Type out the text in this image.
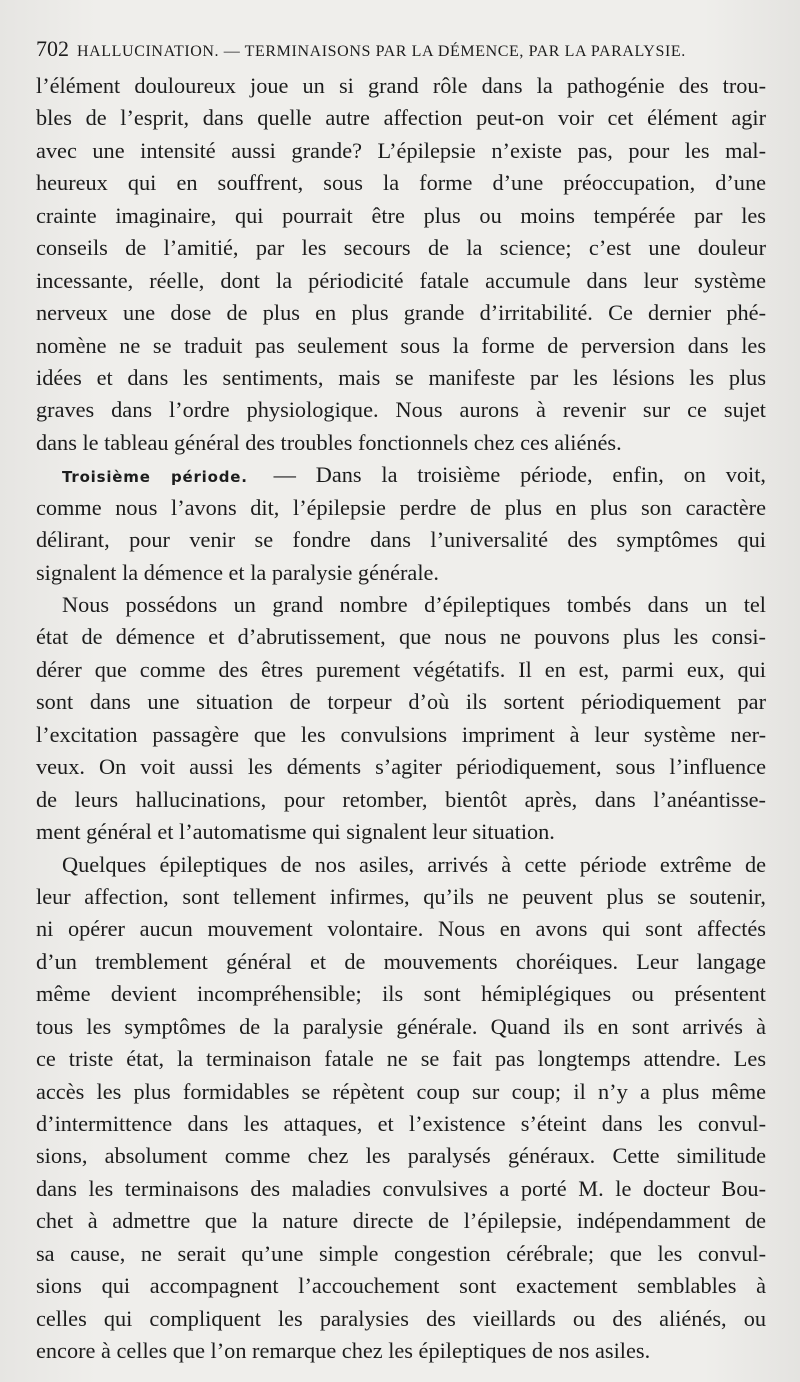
702 HALLUCINATION. — TERMINAISONS PAR LA DÉMENCE, PAR LA PARALYSIE.
l’élément douloureux joue un si grand rôle dans la pathogénie des trou-
bles de l’esprit, dans quelle autre affection peut-on voir cet élément agir
avec une intensité aussi grande? L’épilepsie n’existe pas, pour les mal-
heureux qui en souffrent, sous la forme d’une préoccupation, d’une
crainte imaginaire, qui pourrait être plus ou moins tempérée par les
conseils de l’amitié, par les secours de la science; c’est une douleur
incessante, réelle, dont la périodicité fatale accumule dans leur système
nerveux une dose de plus en plus grande d’irritabilité. Ce dernier phé-
nomène ne se traduit pas seulement sous la forme de perversion dans les
idées et dans les sentiments, mais se manifeste par les lésions les plus
graves dans l’ordre physiologique. Nous aurons à revenir sur ce sujet
dans le tableau général des troubles fonctionnels chez ces aliénés.
Troisième période. — Dans la troisième période, enfin, on voit,
comme nous l’avons dit, l’épilepsie perdre de plus en plus son caractère
délirant, pour venir se fondre dans l’universalité des symptômes qui
signalent la démence et la paralysie générale.
Nous possédons un grand nombre d’épileptiques tombés dans un tel
état de démence et d’abrutissement, que nous ne pouvons plus les consi-
dérer que comme des êtres purement végétatifs. Il en est, parmi eux, qui
sont dans une situation de torpeur d’où ils sortent périodiquement par
l’excitation passagère que les convulsions impriment à leur système ner-
veux. On voit aussi les déments s’agiter périodiquement, sous l’influence
de leurs hallucinations, pour retomber, bientôt après, dans l’anéantisse-
ment général et l’automatisme qui signalent leur situation.
Quelques épileptiques de nos asiles, arrivés à cette période extrême de
leur affection, sont tellement infirmes, qu’ils ne peuvent plus se soutenir,
ni opérer aucun mouvement volontaire. Nous en avons qui sont affectés
d’un tremblement général et de mouvements choréiques. Leur langage
même devient incompréhensible; ils sont hémiplégiques ou présentent
tous les symptômes de la paralysie générale. Quand ils en sont arrivés à
ce triste état, la terminaison fatale ne se fait pas longtemps attendre. Les
accès les plus formidables se répètent coup sur coup; il n’y a plus même
d’intermittence dans les attaques, et l’existence s’éteint dans les convul-
sions, absolument comme chez les paralysés généraux. Cette similitude
dans les terminaisons des maladies convulsives a porté M. le docteur Bou-
chet à admettre que la nature directe de l’épilepsie, indépendamment de
sa cause, ne serait qu’une simple congestion cérébrale; que les convul-
sions qui accompagnent l’accouchement sont exactement semblables à
celles qui compliquent les paralysies des vieillards ou des aliénés, ou
encore à celles que l’on remarque chez les épileptiques de nos asiles.
